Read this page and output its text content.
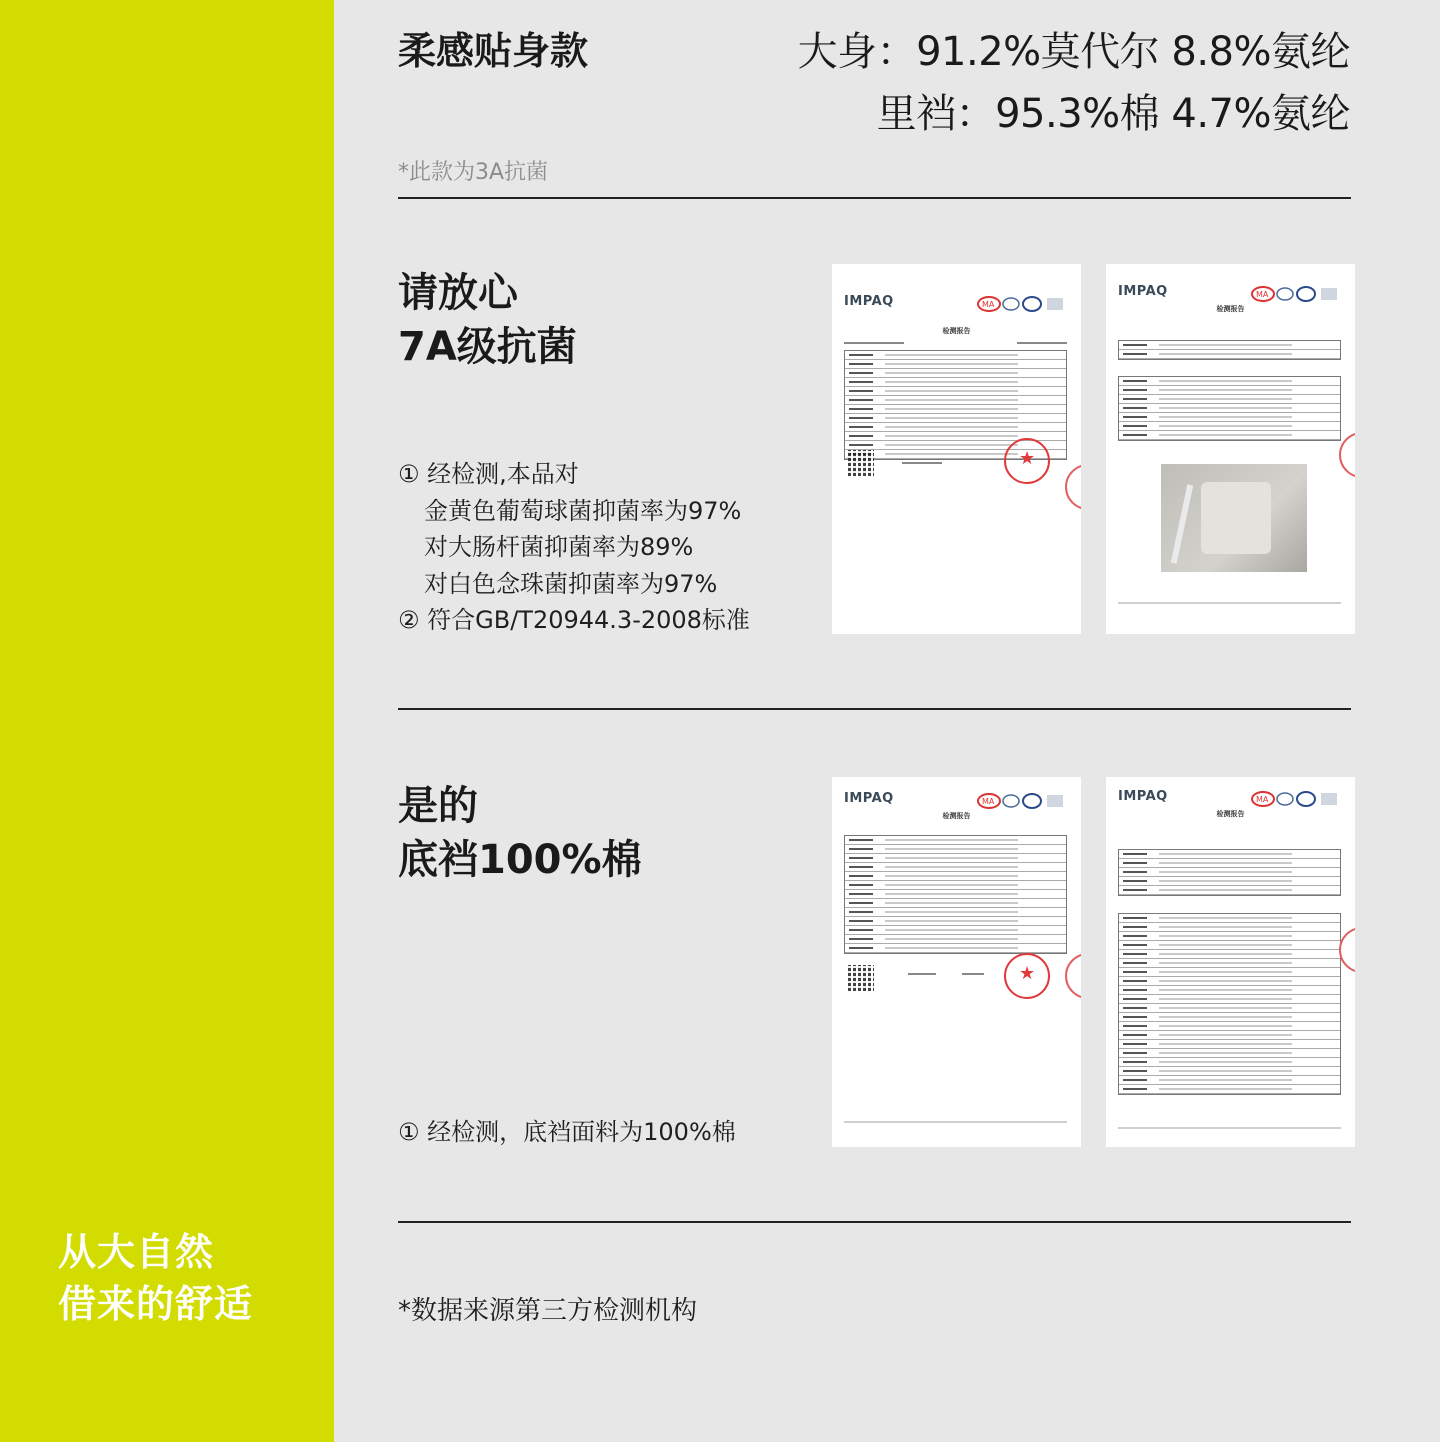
从大自然
借来的舒适
柔感贴身款	大身：91.2%莫代尔 8.8%氨纶
里裆：95.3%棉 4.7%氨纶
*此款为3A抗菌
请放心
7A级抗菌
① 经检测,本品对
金黄色葡萄球菌抑菌率为97%
对大肠杆菌抑菌率为89%
对白色念珠菌抑菌率为97%
② 符合GB/T20944.3-2008标准
IMPAQ	MA
检测报告
★
IMPAQ	MA
检测报告
是的
底裆100%棉
① 经检测，底裆面料为100%棉
IMPAQ	MA
检测报告
★
IMPAQ	MA
检测报告
*数据来源第三方检测机构
